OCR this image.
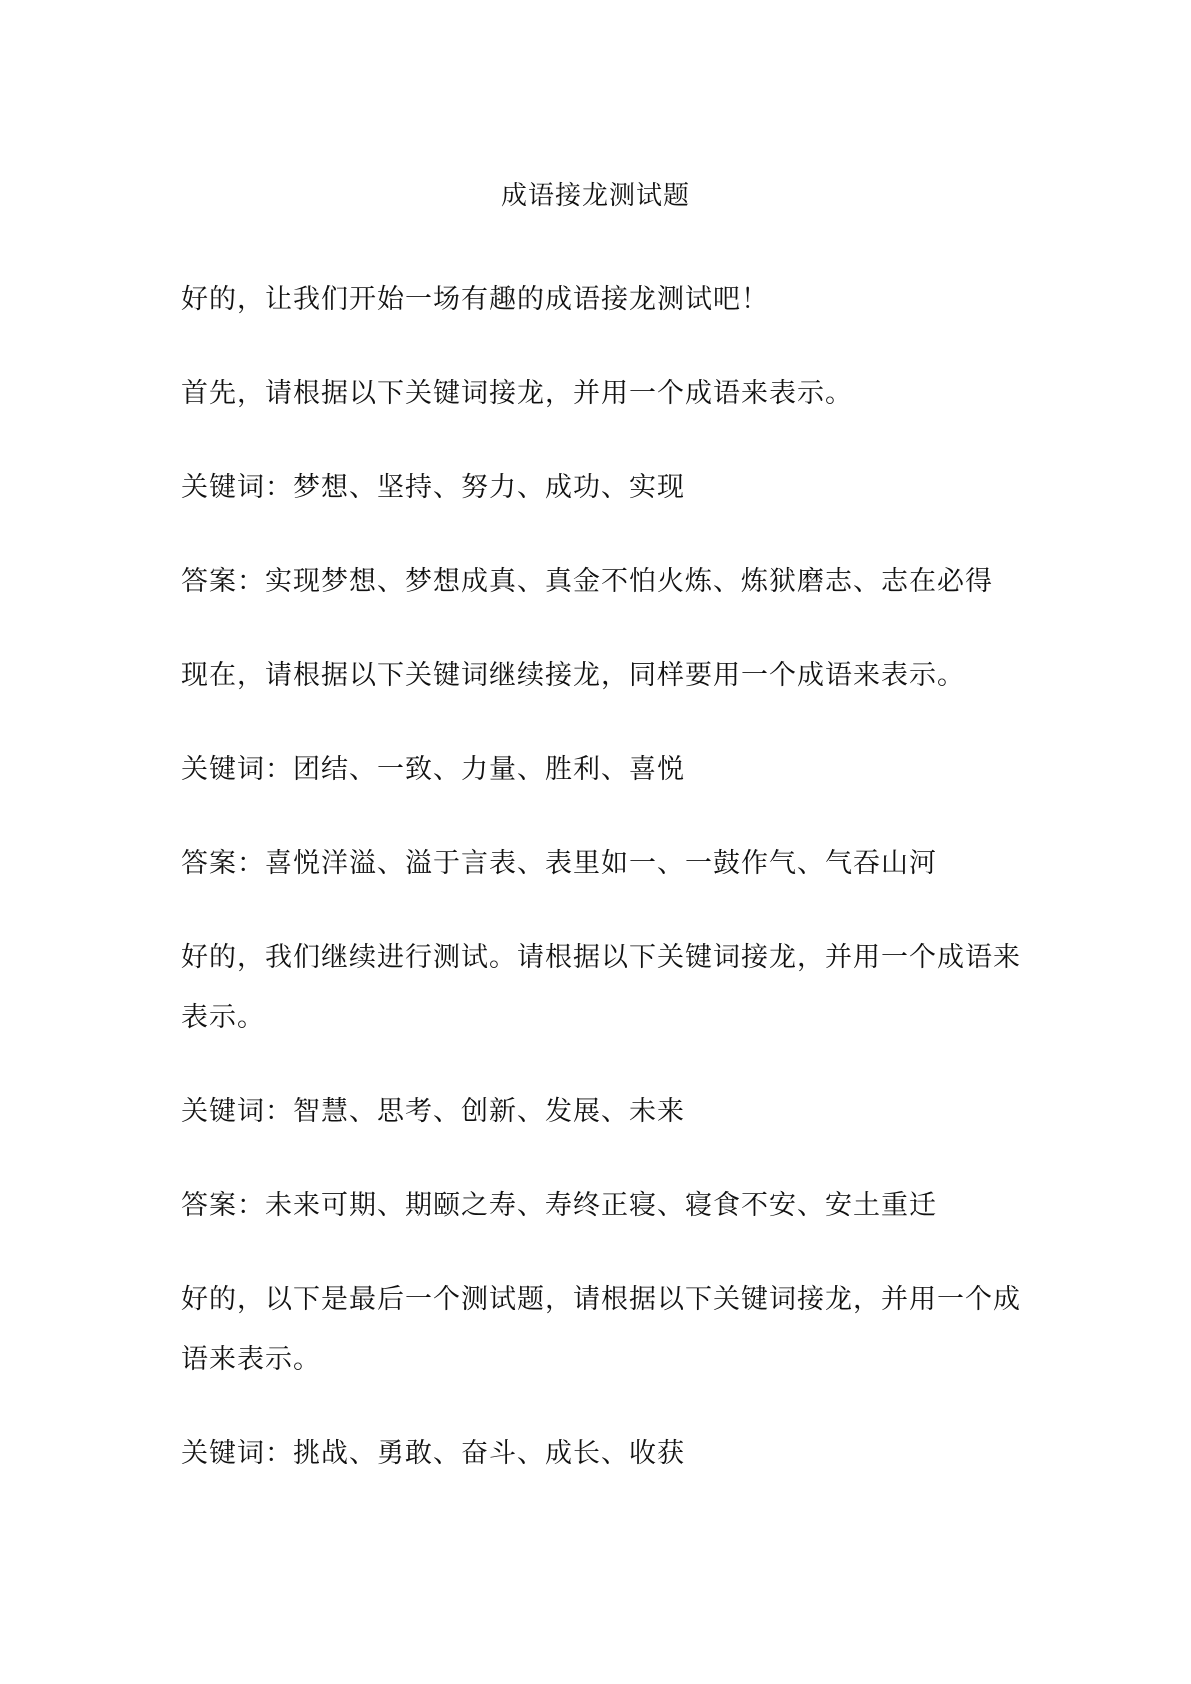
成语接龙测试题

好的，让我们开始一场有趣的成语接龙测试吧！

首先，请根据以下关键词接龙，并用一个成语来表示。

关键词：梦想、坚持、努力、成功、实现

答案：实现梦想、梦想成真、真金不怕火炼、炼狱磨志、志在必得

现在，请根据以下关键词继续接龙，同样要用一个成语来表示。

关键词：团结、一致、力量、胜利、喜悦

答案：喜悦洋溢、溢于言表、表里如一、一鼓作气、气吞山河

好的，我们继续进行测试。请根据以下关键词接龙，并用一个成语来表示。

关键词：智慧、思考、创新、发展、未来

答案：未来可期、期颐之寿、寿终正寝、寝食不安、安土重迁

好的，以下是最后一个测试题，请根据以下关键词接龙，并用一个成语来表示。

关键词：挑战、勇敢、奋斗、成长、收获
